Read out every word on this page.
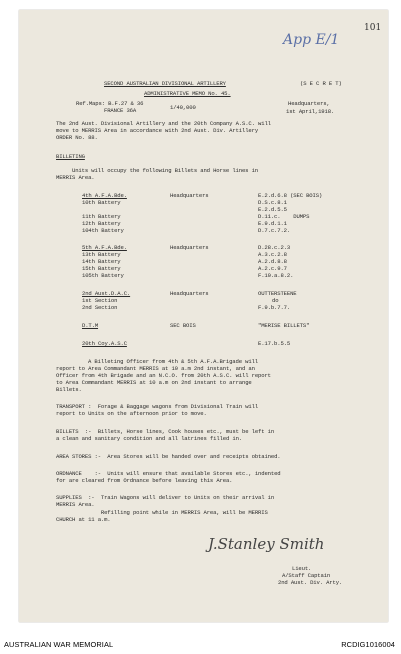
101
App E/1
SECOND AUSTRALIAN DIVISIONAL ARTILLERY	(S E C R E T)
ADMINISTRATIVE MEMO No. 45.
Ref.Maps: B.F.27 & 36
FRANCE 36A	1/40,000
Headquarters,
1st April,1918.
The 2nd Aust. Divisional Artillery and the 20th Company A.S.C. will
move to MERRIS Area in accordance with 2nd Aust. Div. Artillery
ORDER No. 88.
BILLETING
Units will occupy the following Billets and Horse lines in
MERRIS Area.
4th A.F.A.Bde.	Headquarters	E.2.d.6.8 (SEC BOIS)
10th Battery	D.S.c.8.1
E.2.d.5.5
11th Battery	D.11.c.    DUMPS
12th Battery	E.9.d.1.1
104th Battery	D.7.c.7.2.
5th A.F.A.Bde.	Headquarters	D.28.c.2.3
13th Battery	A.3.c.2.8
14th Battery	A.2.d.8.8
15th Battery	A.2.c.9.7
105th Battery	F.10.a.8.2.
2nd Aust.D.A.C.	Headquarters	OUTTERSTEENE
1st Section	do
2nd Section	F.9.b.7.7.
D.T.M	SEC BOIS	"MERISE BILLETS"
20th Coy.A.S.C	E.17.b.5.5
A Billeting Officer from 4th & 5th A.F.A.Brigade will
report to Area Commandant MERRIS at 10 a.m 2nd instant, and an
Officer from 4th Brigade and an N.C.O. from 20th A.S.C. will report
to Area Commandant MERRIS at 10 a.m on 2nd instant to arrange
Billets.
TRANSPORT :  Forage & Baggage wagons from Divisional Train will
report to Units on the afternoon prior to move.
BILLETS  :-  Billets, Horse lines, Cook houses etc., must be left in
a clean and sanitary condition and all latrines filled in.
AREA STORES :-  Area Stores will be handed over and receipts obtained.
ORDNANCE    :-  Units will ensure that available Stores etc., indented
for are cleared from Ordnance before leaving this Area.
SUPPLIES  :-  Train Wagons will deliver to Units on their arrival in
MERRIS Area.
Refilling point while in MERRIS Area, will be MERRIS
CHURCH at 11 a.m.
J.Stanley Smith
Lieut.
A/Staff Captain
2nd Aust. Div. Arty.
AUSTRALIAN WAR MEMORIAL	RCDIG1016004
